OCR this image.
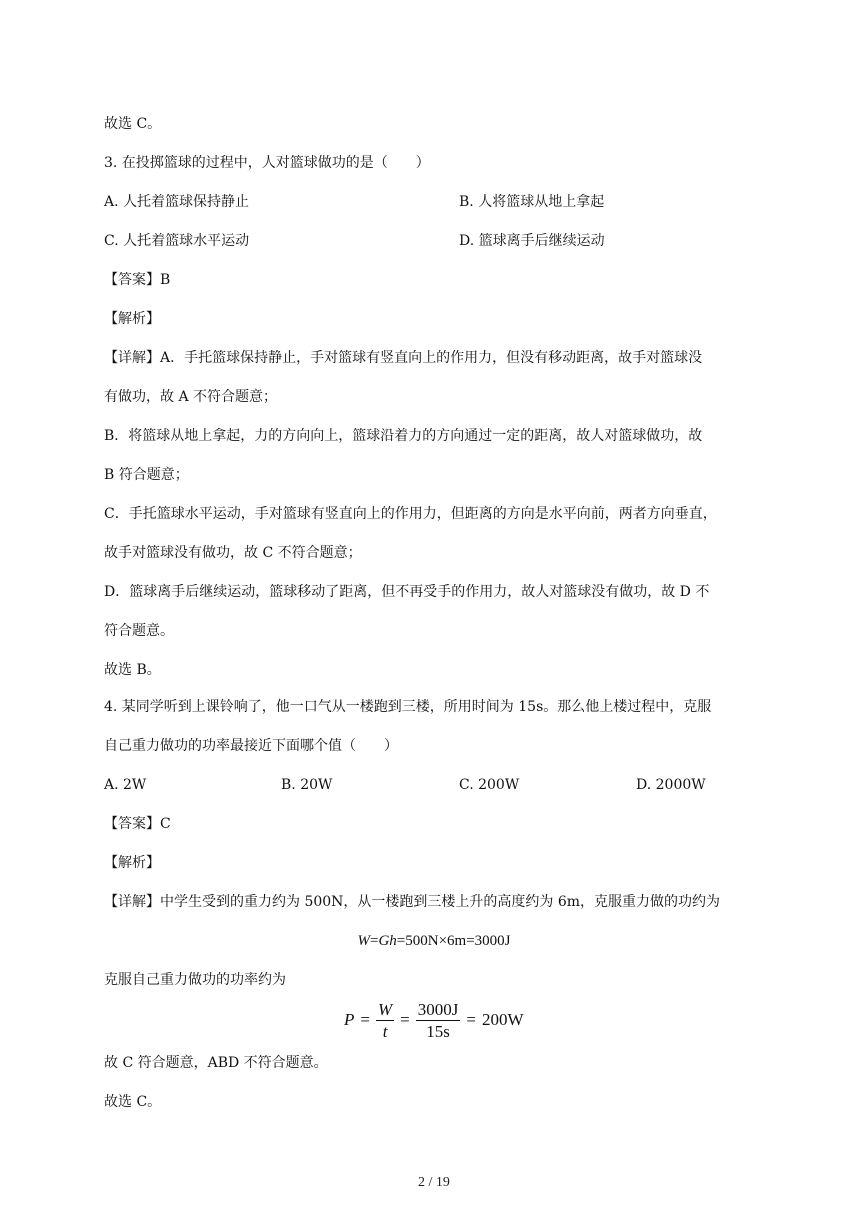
故选 C。
3. 在投掷篮球的过程中，人对篮球做功的是（　　）
A. 人托着篮球保持静止	B. 人将篮球从地上拿起
C. 人托着篮球水平运动	D. 篮球离手后继续运动
【答案】B
【解析】
【详解】A．手托篮球保持静止，手对篮球有竖直向上的作用力，但没有移动距离，故手对篮球没
有做功，故 A 不符合题意；
B．将篮球从地上拿起，力的方向向上，篮球沿着力的方向通过一定的距离，故人对篮球做功，故
B 符合题意；
C．手托篮球水平运动，手对篮球有竖直向上的作用力，但距离的方向是水平向前，两者方向垂直，
故手对篮球没有做功，故 C 不符合题意；
D．篮球离手后继续运动，篮球移动了距离，但不再受手的作用力，故人对篮球没有做功，故 D 不
符合题意。
故选 B。
4. 某同学听到上课铃响了，他一口气从一楼跑到三楼，所用时间为 15s。那么他上楼过程中，克服
自己重力做功的功率最接近下面哪个值（　　）
A. 2W	B. 20W	C. 200W	D. 2000W
【答案】C
【解析】
【详解】中学生受到的重力约为 500N，从一楼跑到三楼上升的高度约为 6m，克服重力做的功约为
W=Gh=500N×6m=3000J
克服自己重力做功的功率约为
$P = \frac{W}{t} = \frac{3000J}{15s} = 200W$
故 C 符合题意，ABD 不符合题意。
故选 C。
2 / 19
